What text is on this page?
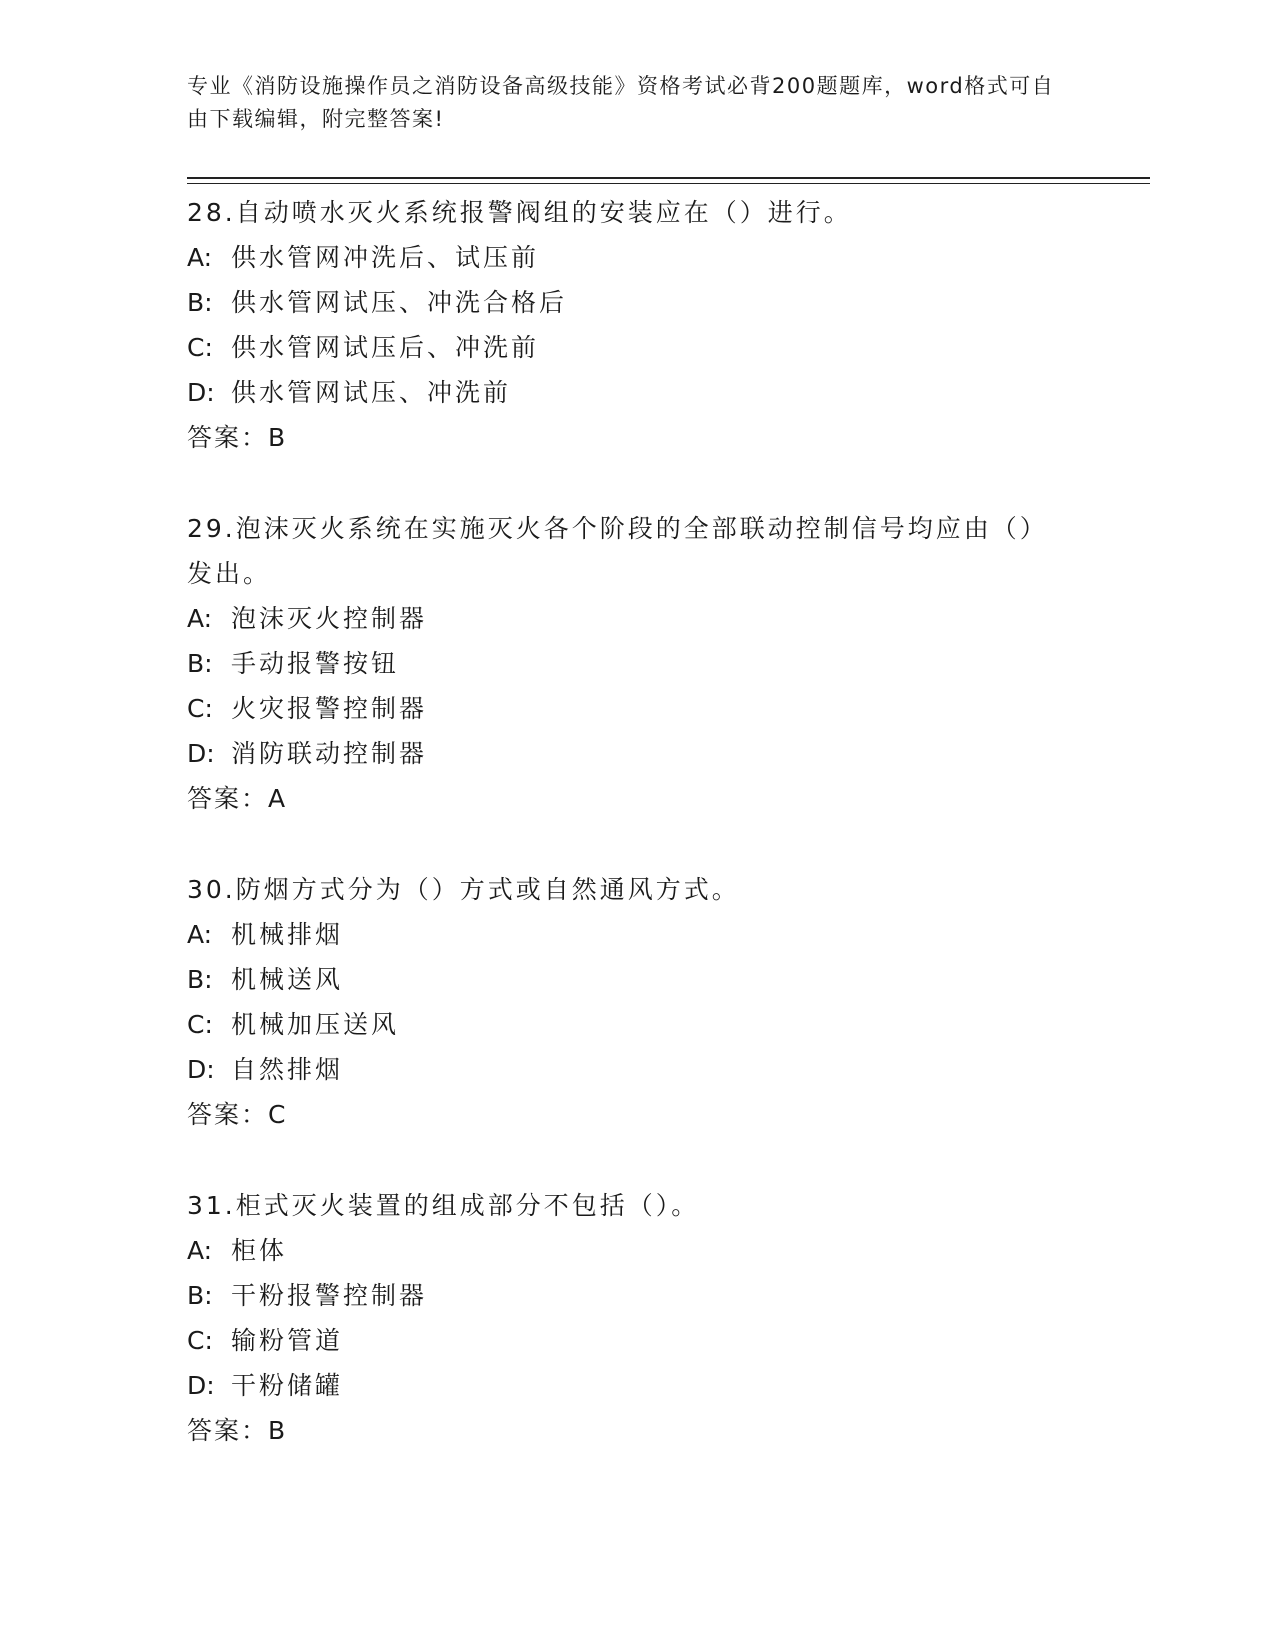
专业《消防设施操作员之消防设备高级技能》资格考试必背200题题库，word格式可自由下载编辑，附完整答案!
28.自动喷水灭火系统报警阀组的安装应在（）进行。
A: 供水管网冲洗后、试压前
B: 供水管网试压、冲洗合格后
C: 供水管网试压后、冲洗前
D: 供水管网试压、冲洗前
答案：B
29.泡沫灭火系统在实施灭火各个阶段的全部联动控制信号均应由（）发出。
A: 泡沫灭火控制器
B: 手动报警按钮
C: 火灾报警控制器
D: 消防联动控制器
答案：A
30.防烟方式分为（）方式或自然通风方式。
A: 机械排烟
B: 机械送风
C: 机械加压送风
D: 自然排烟
答案：C
31.柜式灭火装置的组成部分不包括（）。
A: 柜体
B: 干粉报警控制器
C: 输粉管道
D: 干粉储罐
答案：B
